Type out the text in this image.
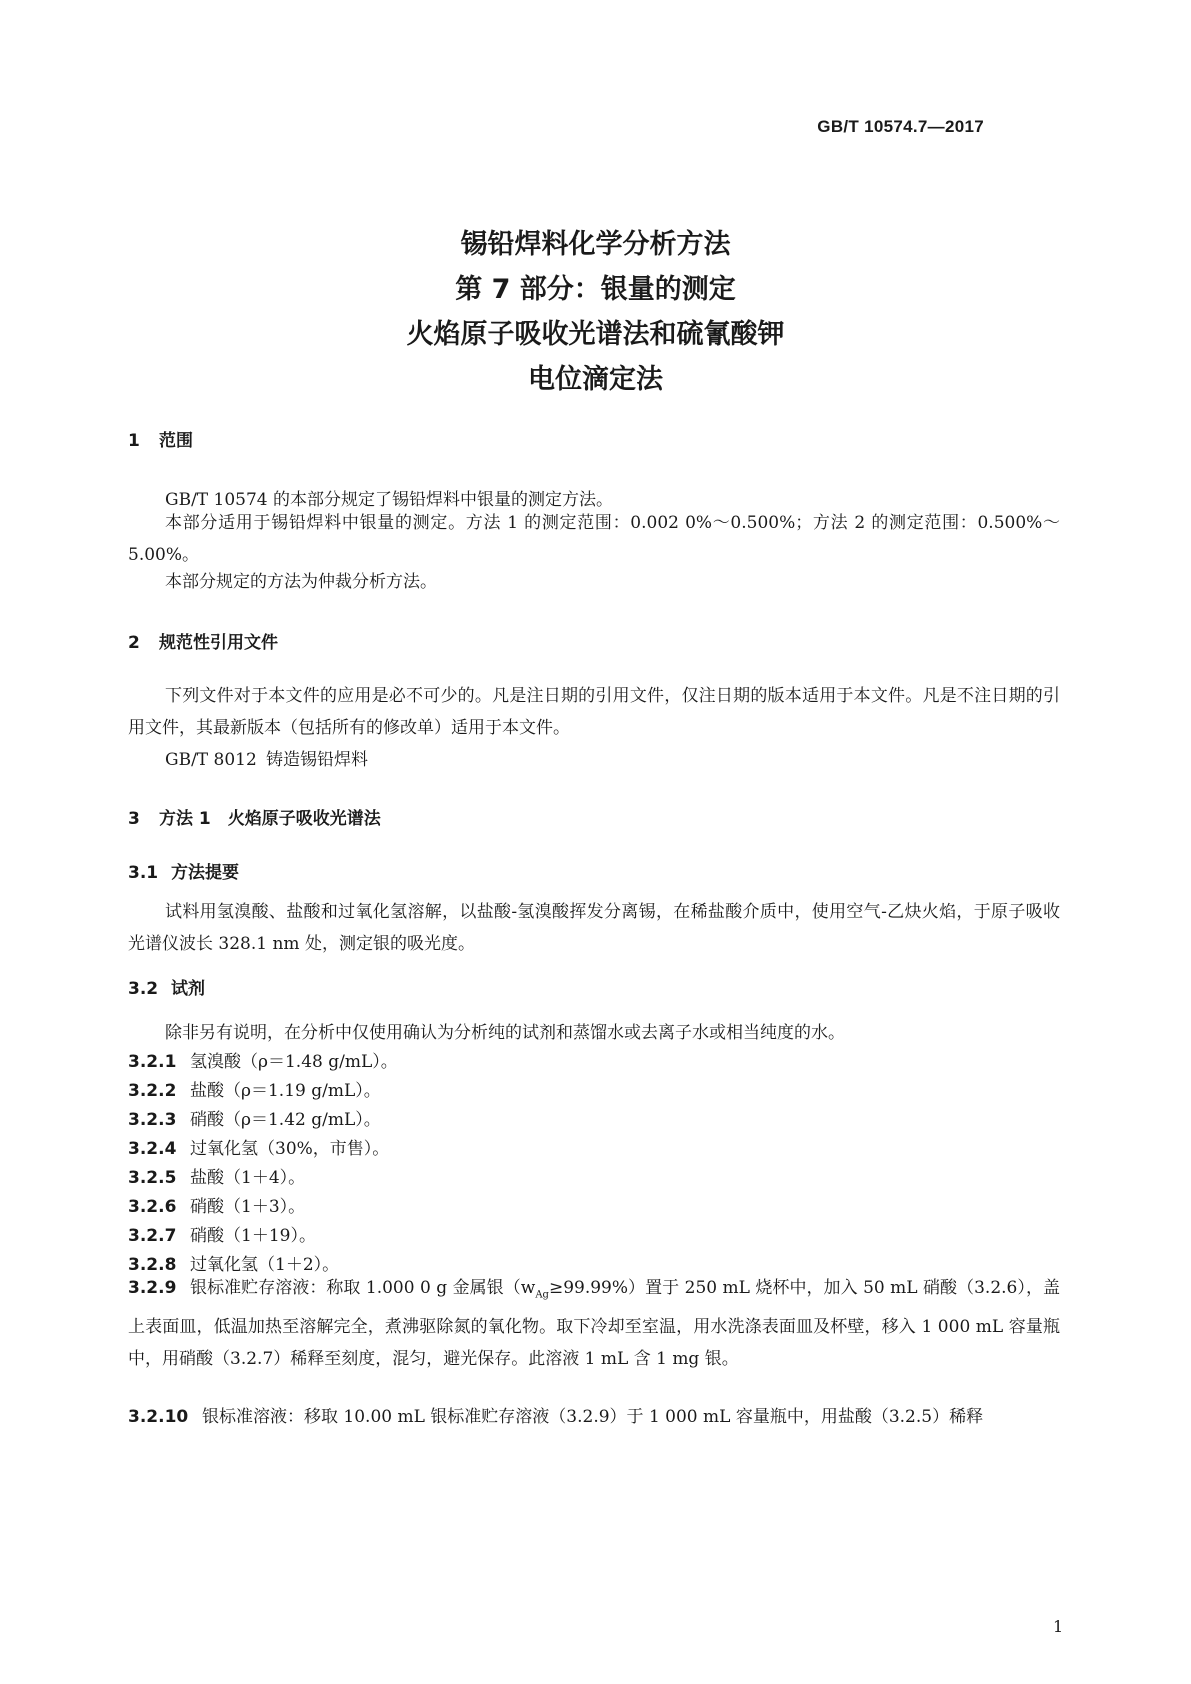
GB/T 10574.7—2017
锡铅焊料化学分析方法
第 7 部分：银量的测定
火焰原子吸收光谱法和硫氰酸钾
电位滴定法
1 范围
GB/T 10574 的本部分规定了锡铅焊料中银量的测定方法。
本部分适用于锡铅焊料中银量的测定。方法 1 的测定范围：0.002 0%～0.500%；方法 2 的测定范围：0.500%～5.00%。
本部分规定的方法为仲裁分析方法。
2 规范性引用文件
下列文件对于本文件的应用是必不可少的。凡是注日期的引用文件，仅注日期的版本适用于本文件。凡是不注日期的引用文件，其最新版本（包括所有的修改单）适用于本文件。
GB/T 8012 铸造锡铅焊料
3 方法 1　火焰原子吸收光谱法
3.1 方法提要
试料用氢溴酸、盐酸和过氧化氢溶解，以盐酸-氢溴酸挥发分离锡，在稀盐酸介质中，使用空气-乙炔火焰，于原子吸收光谱仪波长 328.1 nm 处，测定银的吸光度。
3.2 试剂
除非另有说明，在分析中仅使用确认为分析纯的试剂和蒸馏水或去离子水或相当纯度的水。
3.2.1 氢溴酸（ρ＝1.48 g/mL）。
3.2.2 盐酸（ρ＝1.19 g/mL）。
3.2.3 硝酸（ρ＝1.42 g/mL）。
3.2.4 过氧化氢（30%，市售）。
3.2.5 盐酸（1＋4）。
3.2.6 硝酸（1＋3）。
3.2.7 硝酸（1＋19）。
3.2.8 过氧化氢（1＋2）。
3.2.9 银标准贮存溶液：称取 1.000 0 g 金属银$(w_{Ag}\ge 99.99\%)$置于 250 mL 烧杯中，加入 50 mL 硝酸（3.2.6），盖上表面皿，低温加热至溶解完全，煮沸驱除氮的氧化物。取下冷却至室温，用水洗涤表面皿及杯壁，移入 1 000 mL 容量瓶中，用硝酸（3.2.7）稀释至刻度，混匀，避光保存。此溶液 1 mL 含 1 mg 银。
3.2.10 银标准溶液：移取 10.00 mL 银标准贮存溶液（3.2.9）于 1 000 mL 容量瓶中，用盐酸（3.2.5）稀释
1
